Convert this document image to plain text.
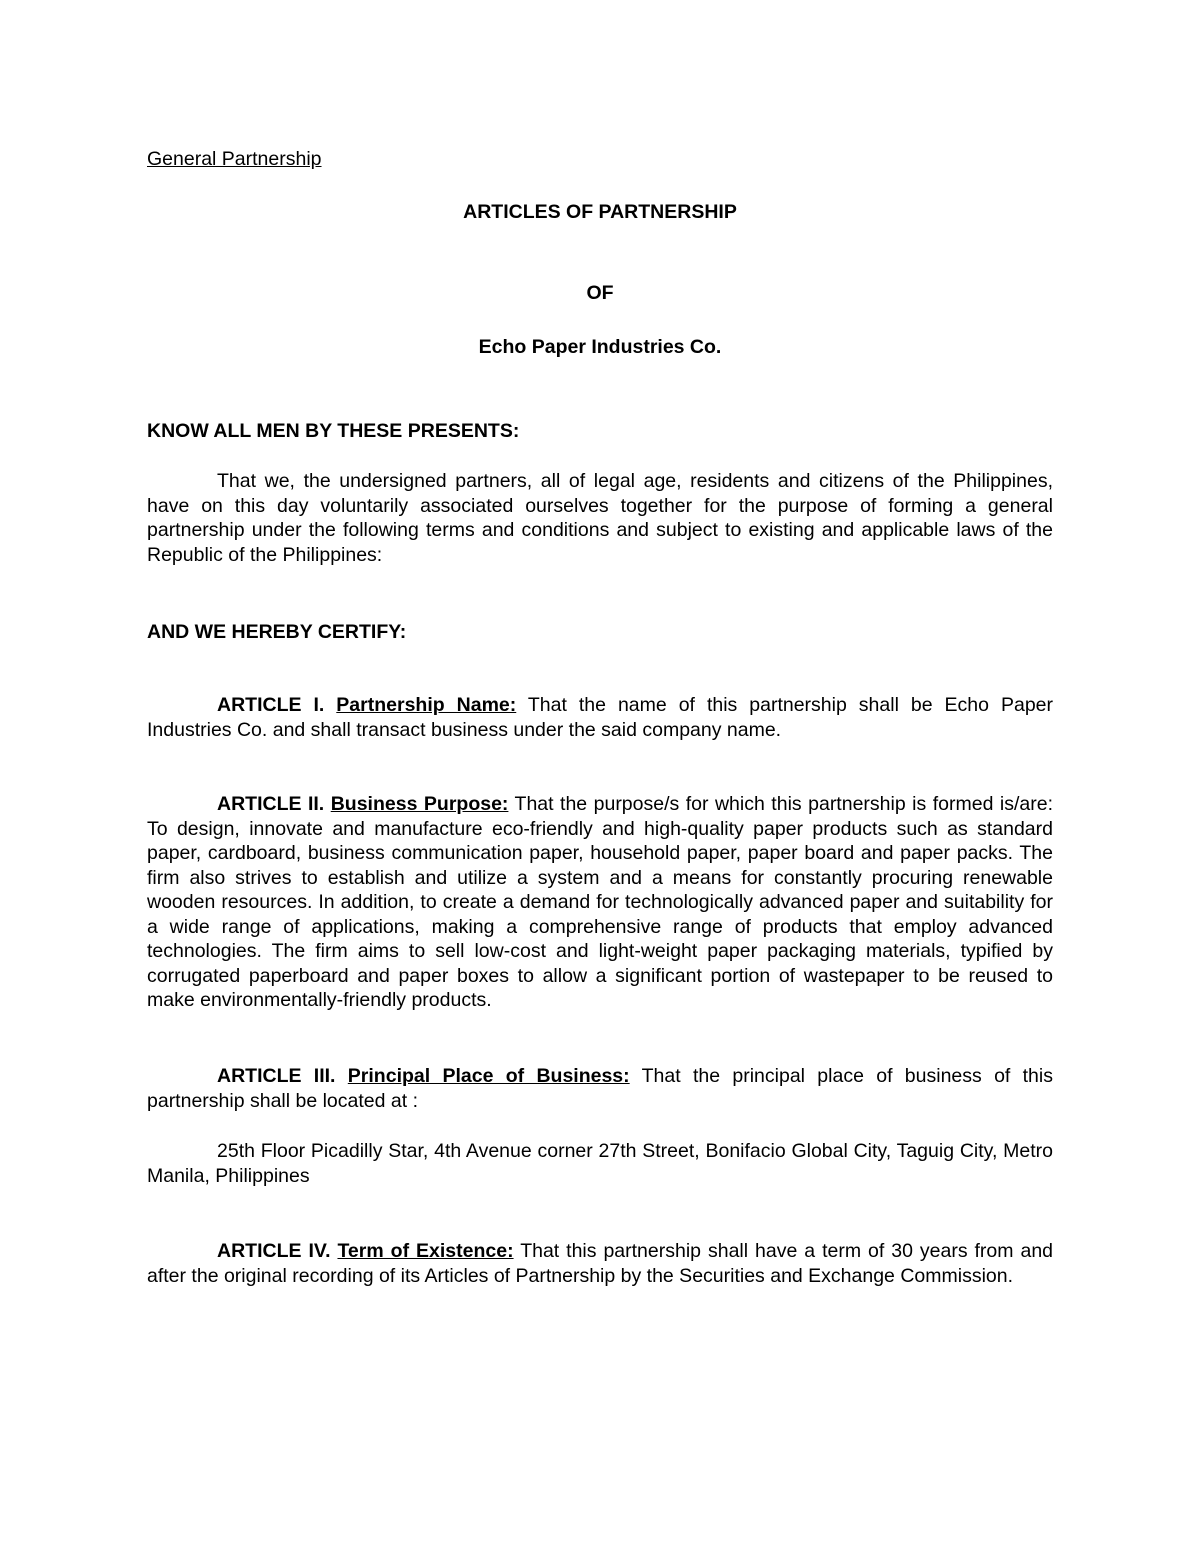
General Partnership

ARTICLES OF PARTNERSHIP

OF

Echo Paper Industries Co.

KNOW ALL MEN BY THESE PRESENTS:

That we, the undersigned partners, all of legal age, residents and citizens of the Philippines, have on this day voluntarily associated ourselves together for the purpose of forming a general partnership under the following terms and conditions and subject to existing and applicable laws of the Republic of the Philippines:

AND WE HEREBY CERTIFY:

ARTICLE I. Partnership Name: That the name of this partnership shall be Echo Paper Industries Co. and shall transact business under the said company name.

ARTICLE II. Business Purpose: That the purpose/s for which this partnership is formed is/are: To design, innovate and manufacture eco-friendly and high-quality paper products such as standard paper, cardboard, business communication paper, household paper, paper board and paper packs. The firm also strives to establish and utilize a system and a means for constantly procuring renewable wooden resources. In addition, to create a demand for technologically advanced paper and suitability for a wide range of applications, making a comprehensive range of products that employ advanced technologies. The firm aims to sell low-cost and light-weight paper packaging materials, typified by corrugated paperboard and paper boxes to allow a significant portion of wastepaper to be reused to make environmentally-friendly products.

ARTICLE III. Principal Place of Business: That the principal place of business of this partnership shall be located at :

25th Floor Picadilly Star, 4th Avenue corner 27th Street, Bonifacio Global City, Taguig City, Metro Manila, Philippines

ARTICLE IV. Term of Existence: That this partnership shall have a term of 30 years from and after the original recording of its Articles of Partnership by the Securities and Exchange Commission.
